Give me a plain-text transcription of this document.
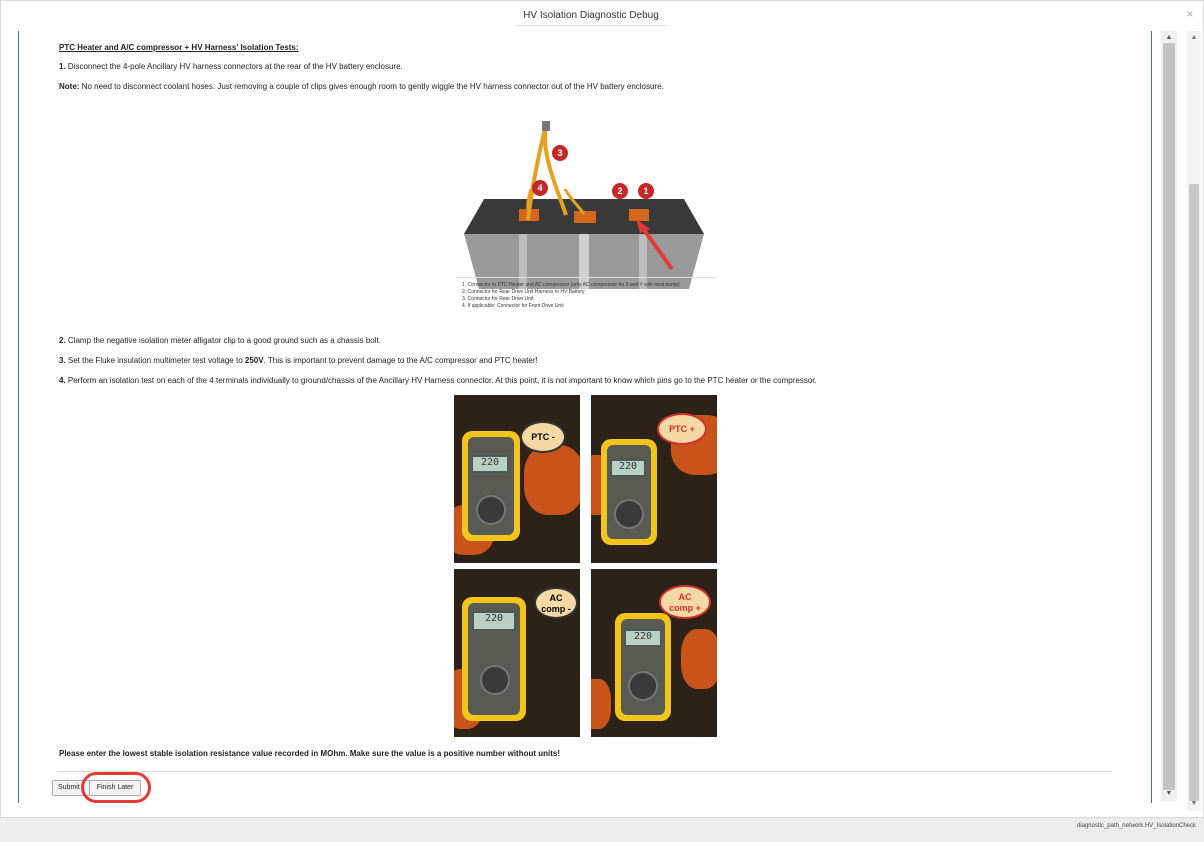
HV Isolation Diagnostic Debug	×
PTC Heater and A/C compressor + HV Harness' Isolation Tests:
1. Disconnect the 4-pole Ancillary HV harness connectors at the rear of the HV battery enclosure.
Note: No need to disconnect coolant hoses. Just removing a couple of clips gives enough room to gently wiggle the HV harness connector out of the HV battery enclosure.
3
4	2	1
1. Connector to PTC Heater and AC compressor (only AC compressor for 3 and Y with heat pump)
2. Connector for Rear Drive Unit Harness to HV Battery
3. Connector for Rear Drive Unit
4. If applicable: Connector for Front Drive Unit
2. Clamp the negative isolation meter alligator clip to a good ground such as a chassis bolt.
3. Set the Fluke insulation multimeter test voltage to 250V. This is important to prevent damage to the A/C compressor and PTC heater!
4. Perform an isolation test on each of the 4 terminals individually to ground/chassis of the Ancillary HV Harness connector. At this point, it is not important to know which pins go to the PTC heater or the compressor.
220
PTC -
220
PTC +
220
AC
comp -
220
AC
comp +
Please enter the lowest stable isolation resistance value recorded in MOhm. Make sure the value is a positive number without units!
Submit	Finish Later
▲
▼
▲
▼
diagnostic_path_network.HV_IsolationCheck
